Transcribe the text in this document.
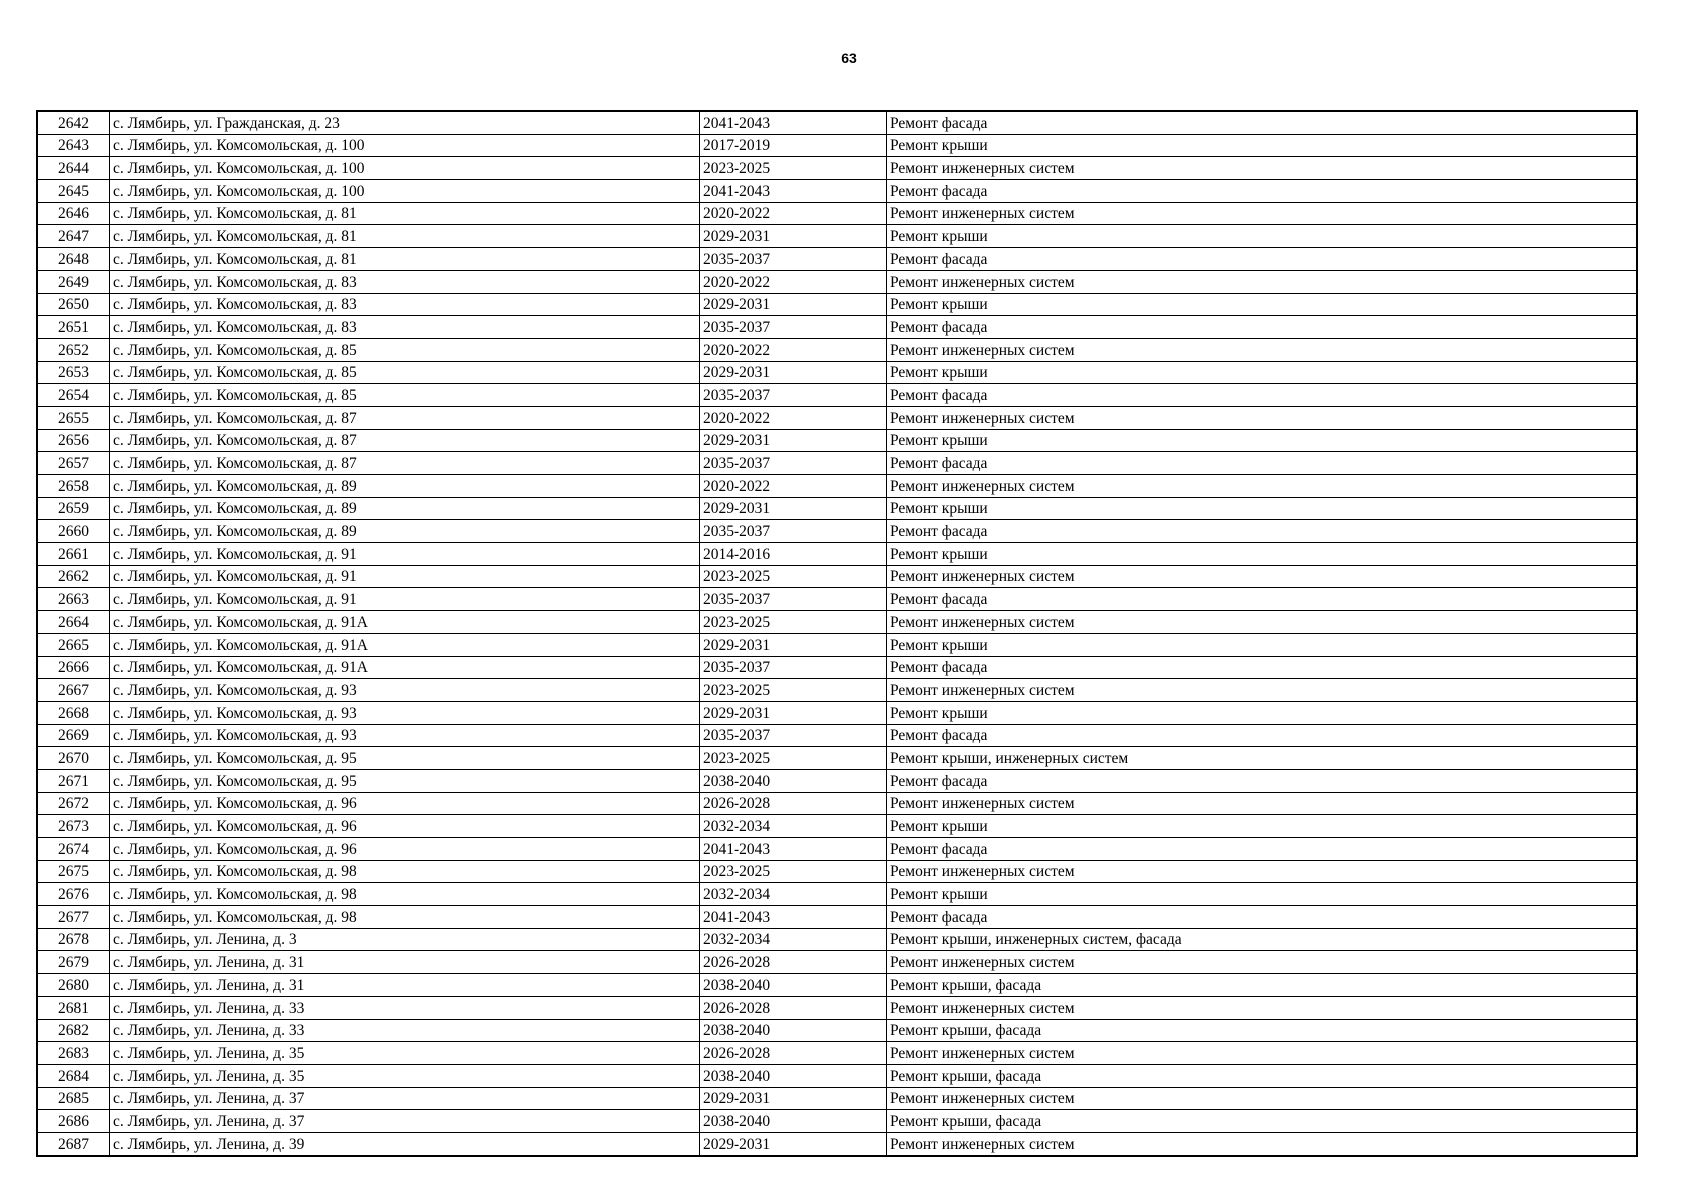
63
2642	с. Лямбирь, ул. Гражданская, д. 23	2041-2043	Ремонт фасада
2643	с. Лямбирь, ул. Комсомольская, д. 100	2017-2019	Ремонт крыши
2644	с. Лямбирь, ул. Комсомольская, д. 100	2023-2025	Ремонт инженерных систем
2645	с. Лямбирь, ул. Комсомольская, д. 100	2041-2043	Ремонт фасада
2646	с. Лямбирь, ул. Комсомольская, д. 81	2020-2022	Ремонт инженерных систем
2647	с. Лямбирь, ул. Комсомольская, д. 81	2029-2031	Ремонт крыши
2648	с. Лямбирь, ул. Комсомольская, д. 81	2035-2037	Ремонт фасада
2649	с. Лямбирь, ул. Комсомольская, д. 83	2020-2022	Ремонт инженерных систем
2650	с. Лямбирь, ул. Комсомольская, д. 83	2029-2031	Ремонт крыши
2651	с. Лямбирь, ул. Комсомольская, д. 83	2035-2037	Ремонт фасада
2652	с. Лямбирь, ул. Комсомольская, д. 85	2020-2022	Ремонт инженерных систем
2653	с. Лямбирь, ул. Комсомольская, д. 85	2029-2031	Ремонт крыши
2654	с. Лямбирь, ул. Комсомольская, д. 85	2035-2037	Ремонт фасада
2655	с. Лямбирь, ул. Комсомольская, д. 87	2020-2022	Ремонт инженерных систем
2656	с. Лямбирь, ул. Комсомольская, д. 87	2029-2031	Ремонт крыши
2657	с. Лямбирь, ул. Комсомольская, д. 87	2035-2037	Ремонт фасада
2658	с. Лямбирь, ул. Комсомольская, д. 89	2020-2022	Ремонт инженерных систем
2659	с. Лямбирь, ул. Комсомольская, д. 89	2029-2031	Ремонт крыши
2660	с. Лямбирь, ул. Комсомольская, д. 89	2035-2037	Ремонт фасада
2661	с. Лямбирь, ул. Комсомольская, д. 91	2014-2016	Ремонт крыши
2662	с. Лямбирь, ул. Комсомольская, д. 91	2023-2025	Ремонт инженерных систем
2663	с. Лямбирь, ул. Комсомольская, д. 91	2035-2037	Ремонт фасада
2664	с. Лямбирь, ул. Комсомольская, д. 91А	2023-2025	Ремонт инженерных систем
2665	с. Лямбирь, ул. Комсомольская, д. 91А	2029-2031	Ремонт крыши
2666	с. Лямбирь, ул. Комсомольская, д. 91А	2035-2037	Ремонт фасада
2667	с. Лямбирь, ул. Комсомольская, д. 93	2023-2025	Ремонт инженерных систем
2668	с. Лямбирь, ул. Комсомольская, д. 93	2029-2031	Ремонт крыши
2669	с. Лямбирь, ул. Комсомольская, д. 93	2035-2037	Ремонт фасада
2670	с. Лямбирь, ул. Комсомольская, д. 95	2023-2025	Ремонт крыши, инженерных систем
2671	с. Лямбирь, ул. Комсомольская, д. 95	2038-2040	Ремонт фасада
2672	с. Лямбирь, ул. Комсомольская, д. 96	2026-2028	Ремонт инженерных систем
2673	с. Лямбирь, ул. Комсомольская, д. 96	2032-2034	Ремонт крыши
2674	с. Лямбирь, ул. Комсомольская, д. 96	2041-2043	Ремонт фасада
2675	с. Лямбирь, ул. Комсомольская, д. 98	2023-2025	Ремонт инженерных систем
2676	с. Лямбирь, ул. Комсомольская, д. 98	2032-2034	Ремонт крыши
2677	с. Лямбирь, ул. Комсомольская, д. 98	2041-2043	Ремонт фасада
2678	с. Лямбирь, ул. Ленина, д. 3	2032-2034	Ремонт крыши, инженерных систем, фасада
2679	с. Лямбирь, ул. Ленина, д. 31	2026-2028	Ремонт инженерных систем
2680	с. Лямбирь, ул. Ленина, д. 31	2038-2040	Ремонт крыши, фасада
2681	с. Лямбирь, ул. Ленина, д. 33	2026-2028	Ремонт инженерных систем
2682	с. Лямбирь, ул. Ленина, д. 33	2038-2040	Ремонт крыши, фасада
2683	с. Лямбирь, ул. Ленина, д. 35	2026-2028	Ремонт инженерных систем
2684	с. Лямбирь, ул. Ленина, д. 35	2038-2040	Ремонт крыши, фасада
2685	с. Лямбирь, ул. Ленина, д. 37	2029-2031	Ремонт инженерных систем
2686	с. Лямбирь, ул. Ленина, д. 37	2038-2040	Ремонт крыши, фасада
2687	с. Лямбирь, ул. Ленина, д. 39	2029-2031	Ремонт инженерных систем
